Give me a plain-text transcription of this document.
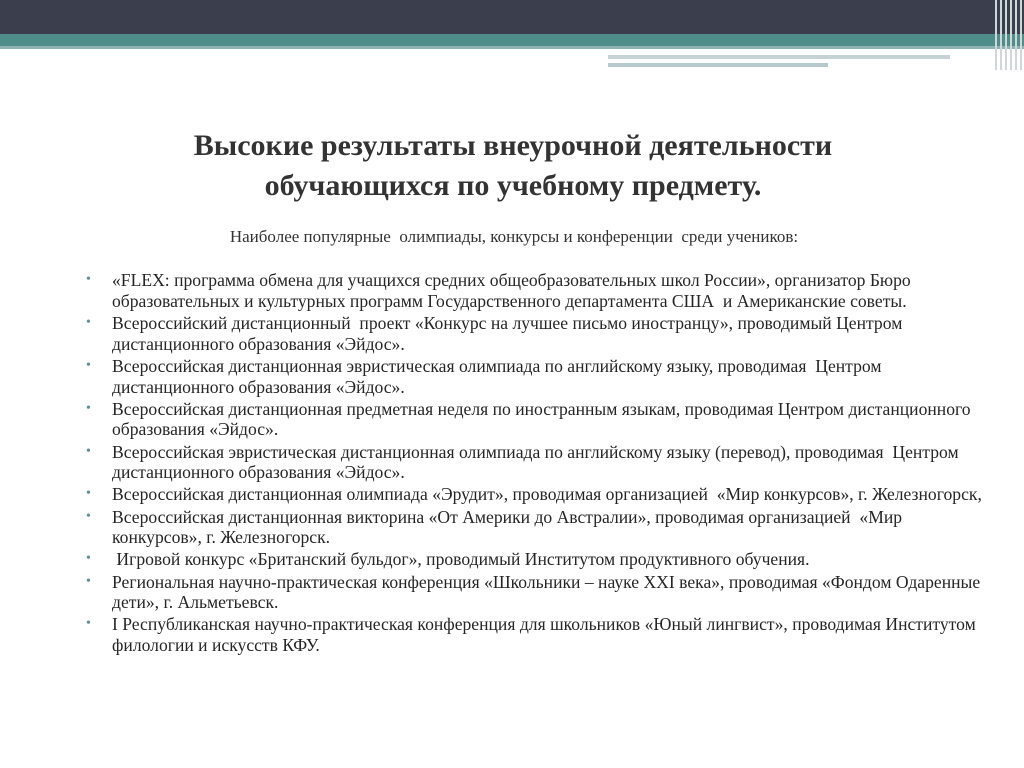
Высокие результаты внеурочной деятельности
обучающихся по учебному предмету.
Наиболее популярные  олимпиады, конкурсы и конференции  среди учеников:
• «FLEX: программа обмена для учащихся средних общеобразовательных школ России», организатор Бюро образовательных и культурных программ Государственного департамента США  и Американские советы.
• Всероссийский дистанционный  проект «Конкурс на лучшее письмо иностранцу», проводимый Центром дистанционного образования «Эйдос».
• Всероссийская дистанционная эвристическая олимпиада по английскому языку, проводимая  Центром дистанционного образования «Эйдос».
• Всероссийская дистанционная предметная неделя по иностранным языкам, проводимая Центром дистанционного образования «Эйдос».
• Всероссийская эвристическая дистанционная олимпиада по английскому языку (перевод), проводимая  Центром дистанционного образования «Эйдос».
• Всероссийская дистанционная олимпиада «Эрудит», проводимая организацией  «Мир конкурсов», г. Железногорск,
• Всероссийская дистанционная викторина «От Америки до Австралии», проводимая организацией  «Мир конкурсов», г. Железногорск.
• Игровой конкурс «Британский бульдог», проводимый Институтом продуктивного обучения.
• Региональная научно-практическая конференция «Школьники – науке XXI века», проводимая «Фондом Одаренные дети», г. Альметьевск.
• I Республиканская научно-практическая конференция для школьников «Юный лингвист», проводимая Институтом филологии и искусств КФУ.
